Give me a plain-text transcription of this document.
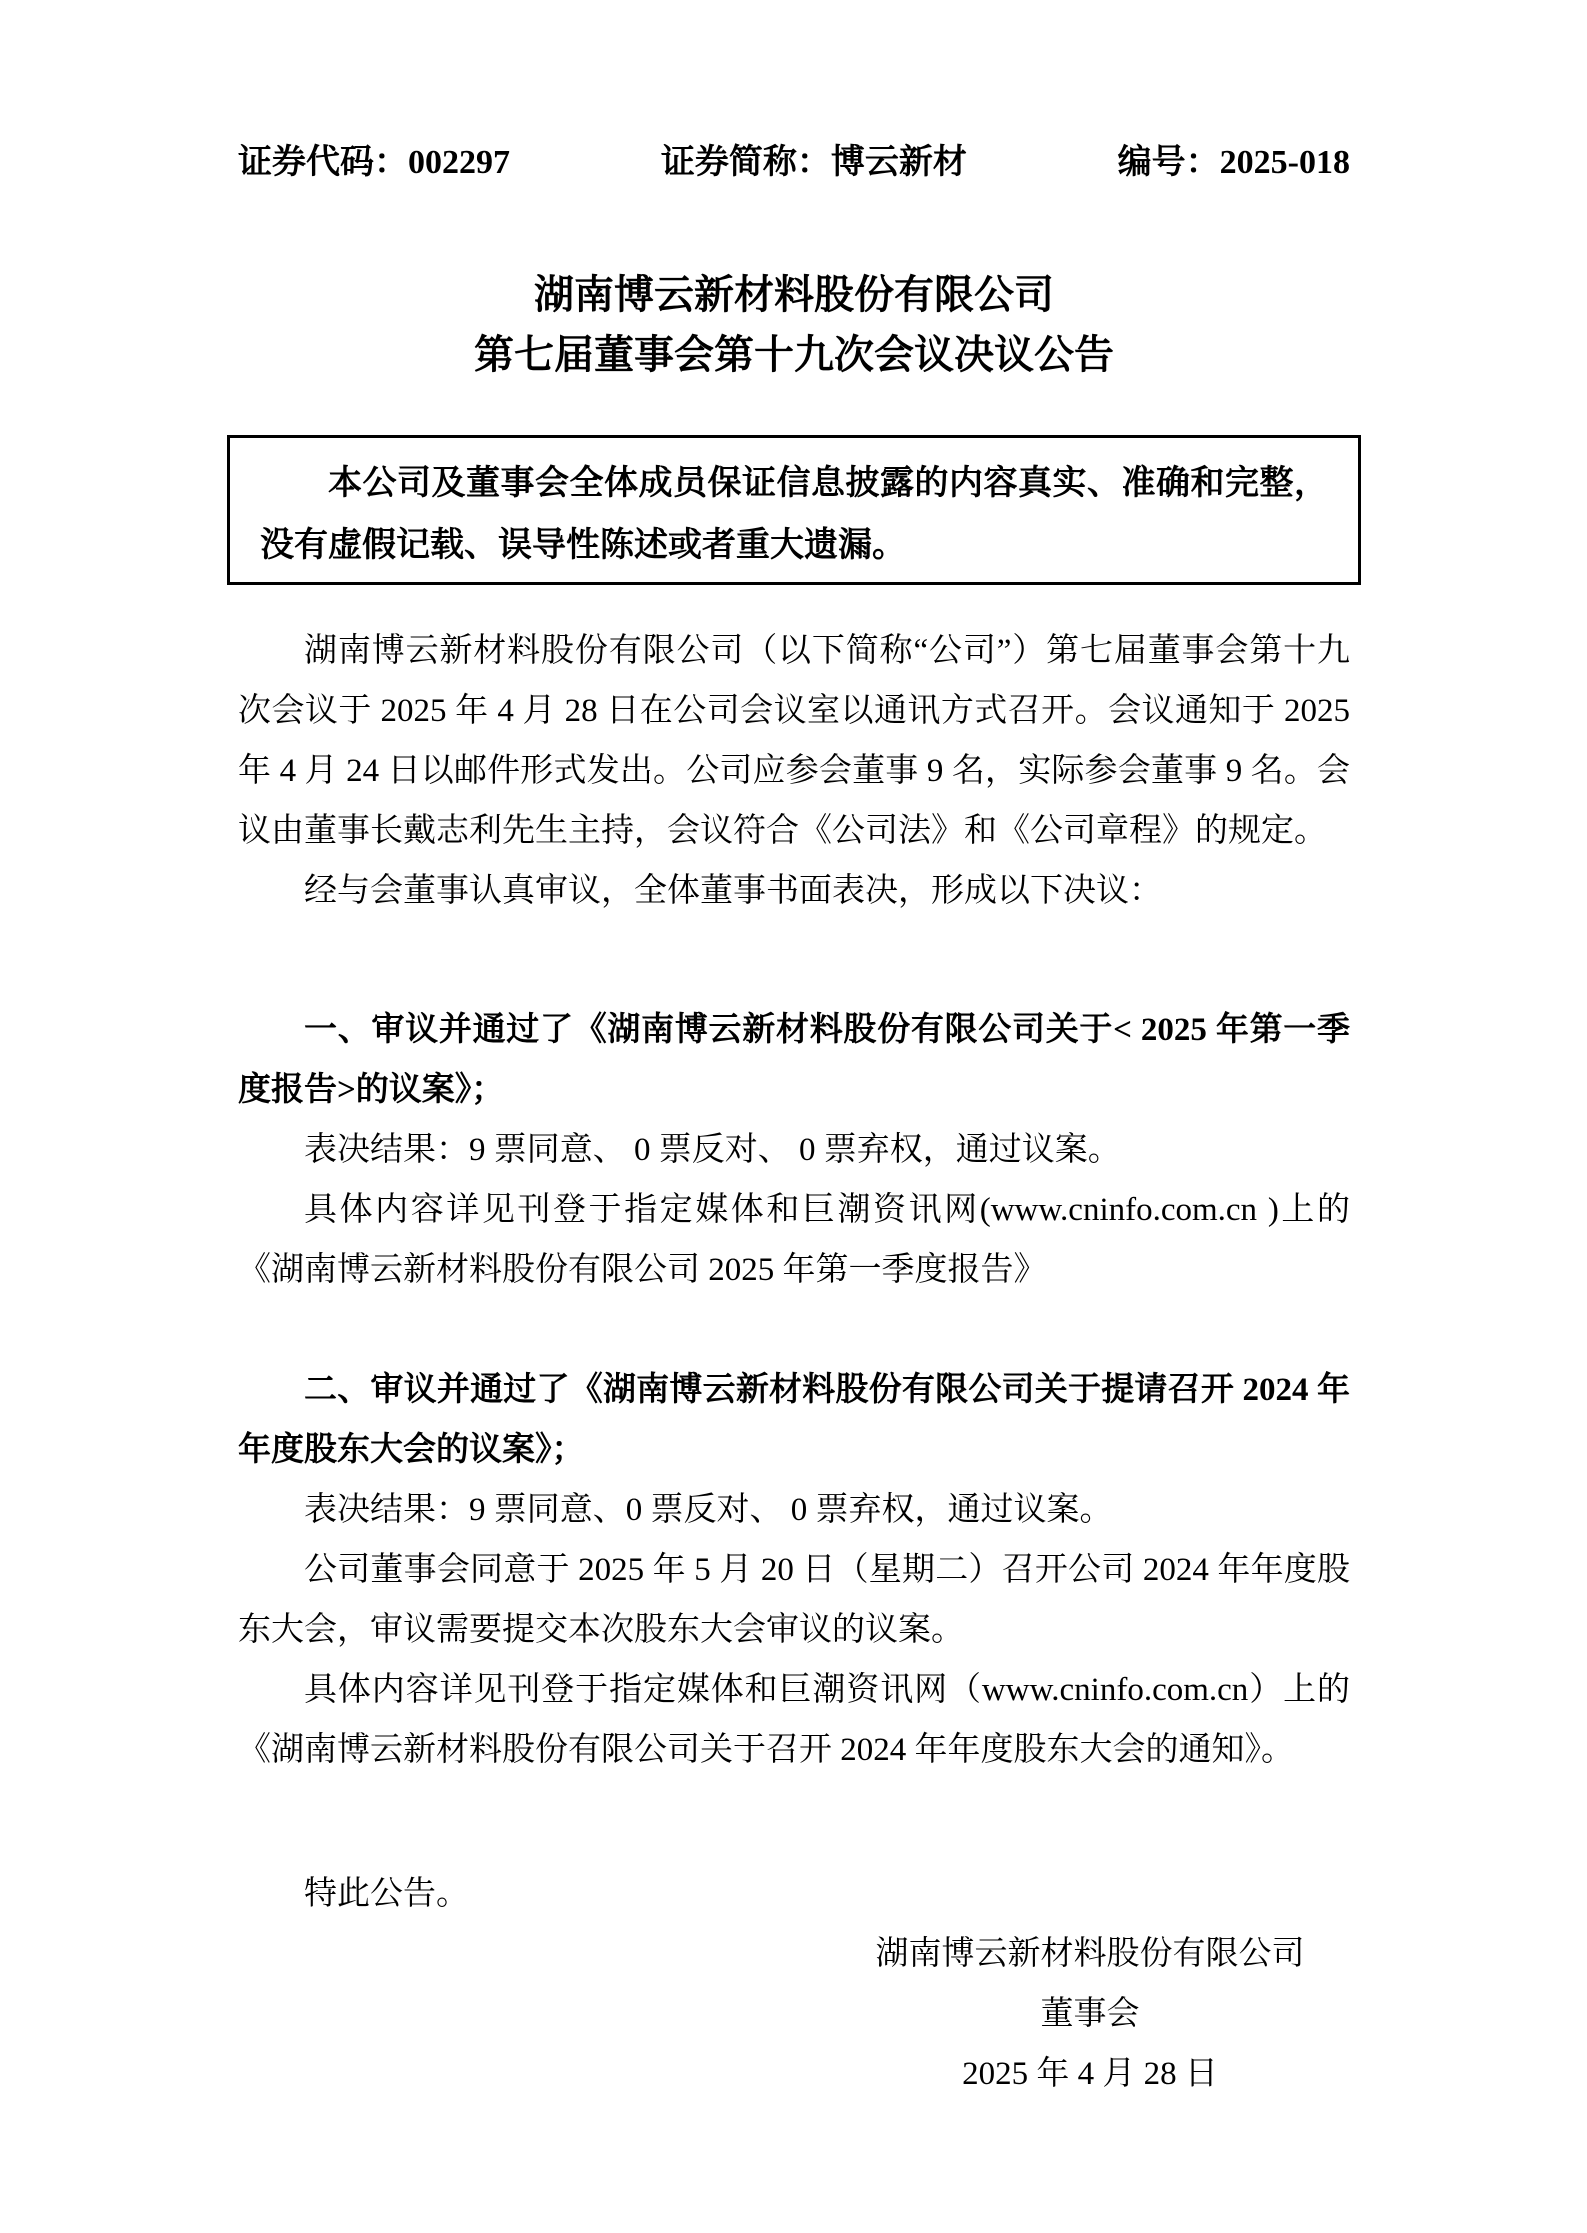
证券代码：002297	证券简称：博云新材	编号：2025-018
湖南博云新材料股份有限公司
第七届董事会第十九次会议决议公告

本公司及董事会全体成员保证信息披露的内容真实、准确和完整，没有虚假记载、误导性陈述或者重大遗漏。

湖南博云新材料股份有限公司（以下简称“公司”）第七届董事会第十九次会议于 2025 年 4 月 28 日在公司会议室以通讯方式召开。会议通知于 2025 年 4 月 24 日以邮件形式发出。公司应参会董事 9 名，实际参会董事 9 名。会议由董事长戴志利先生主持，会议符合《公司法》和《公司章程》的规定。

经与会董事认真审议，全体董事书面表决，形成以下决议：

一、审议并通过了《湖南博云新材料股份有限公司关于< 2025 年第一季度报告>的议案》；

表决结果：9 票同意、 0 票反对、 0 票弃权，通过议案。

具体内容详见刊登于指定媒体和巨潮资讯网(www.cninfo.com.cn )上的《湖南博云新材料股份有限公司 2025 年第一季度报告》

二、审议并通过了《湖南博云新材料股份有限公司关于提请召开 2024 年年度股东大会的议案》；

表决结果：9 票同意、0 票反对、 0 票弃权，通过议案。

公司董事会同意于 2025 年 5 月 20 日（星期二）召开公司 2024 年年度股东大会，审议需要提交本次股东大会审议的议案。

具体内容详见刊登于指定媒体和巨潮资讯网（www.cninfo.com.cn）上的《湖南博云新材料股份有限公司关于召开 2024 年年度股东大会的通知》。

特此公告。

湖南博云新材料股份有限公司
董事会
2025 年 4 月 28 日
